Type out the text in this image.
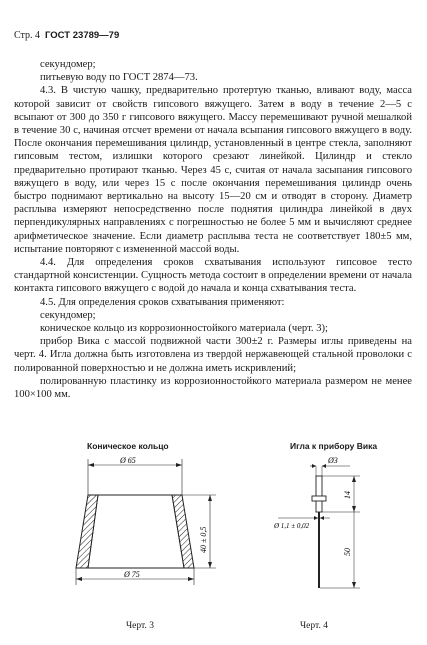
Стр. 4 ГОСТ 23789—79

секундомер;

питьевую воду по ГОСТ 2874—73.

4.3. В чистую чашку, предварительно протертую тканью, вливают воду, масса которой зависит от свойств гипсового вяжущего. Затем в воду в течение 2—5 с всыпают от 300 до 350 г гипсового вяжущего. Массу перемешивают ручной мешалкой в течение 30 с, начиная отсчет времени от начала всыпания гипсового вяжущего в воду. После окончания перемешивания цилиндр, установленный в центре стекла, заполняют гипсовым тестом, излишки которого срезают линейкой. Цилиндр и стекло предварительно протирают тканью. Через 45 с, считая от начала засыпания гипсового вяжущего в воду, или через 15 с после окончания перемешивания цилиндр очень быстро поднимают вертикально на высоту 15—20 см и отводят в сторону. Диаметр расплыва измеряют непосредственно после поднятия цилиндра линейкой в двух перпендикулярных направлениях с погрешностью не более 5 мм и вычисляют среднее арифметическое значение. Если диаметр расплыва теста не соответствует 180±5 мм, испытание повторяют с измененной массой воды.

4.4. Для определения сроков схватывания используют гипсовое тесто стандартной консистенции. Сущность метода состоит в определении времени от начала контакта гипсового вяжущего с водой до начала и конца схватывания теста.

4.5. Для определения сроков схватывания применяют:

секундомер;

коническое кольцо из коррозионностойкого материала (черт. 3);

прибор Вика с массой подвижной части 300±2 г. Размеры иглы приведены на черт. 4. Игла должна быть изготовлена из твердой нержавеющей стальной проволоки с полированной поверхностью и не должна иметь искривлений;

полированную пластинку из коррозионностойкого материала размером не менее 100×100 мм.

Коническое кольцо
Ø 65
40 ± 0,5
Ø 75
Черт. 3
Игла к прибору Вика
Ø3
Ø 1,1 ± 0,02
14
50
Черт. 4
